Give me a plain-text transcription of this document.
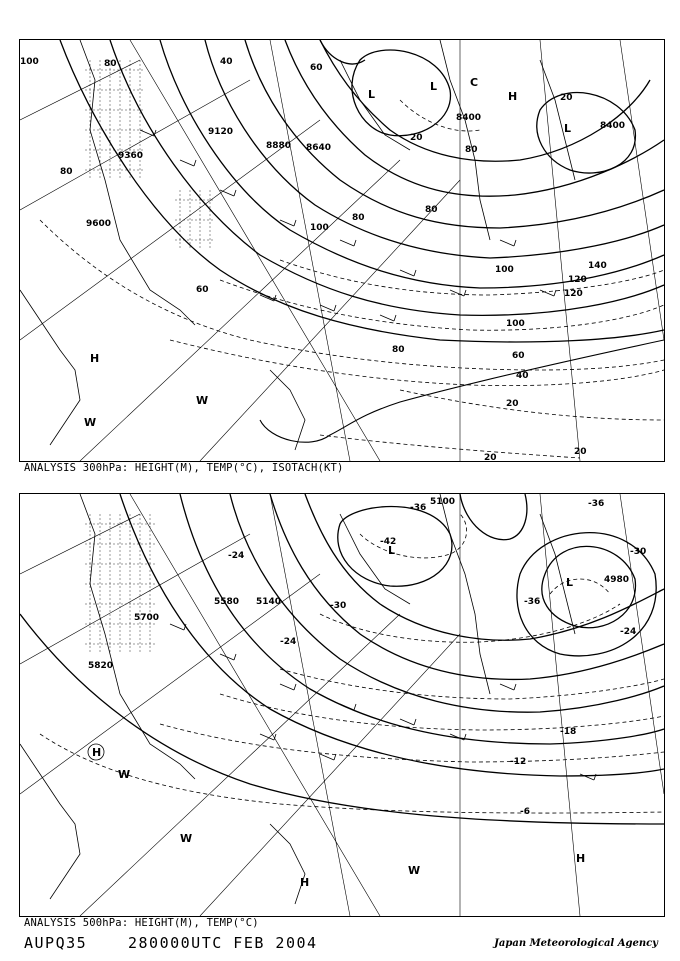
9600
9360
9120
8880 8640
8400
8400
100	80	40
60
80
100
80
60
20
80
100
120
140
120
100
80
60
40
20
20
20
80
20
L
L
L
H
W
W
H
C
ANALYSIS 300hPa: HEIGHT(M), TEMP(°C), ISOTACH(KT)
5100
5140
5580
5700
5820
4980
-36	-36
-42
-36
-30
-24
-18
-12
-6
-30
-24
-24
L
L
H
W
W
W
H
H
ANALYSIS 500hPa: HEIGHT(M), TEMP(°C)
AUPQ35	280000UTC FEB 2004	Japan Meteorological Agency
